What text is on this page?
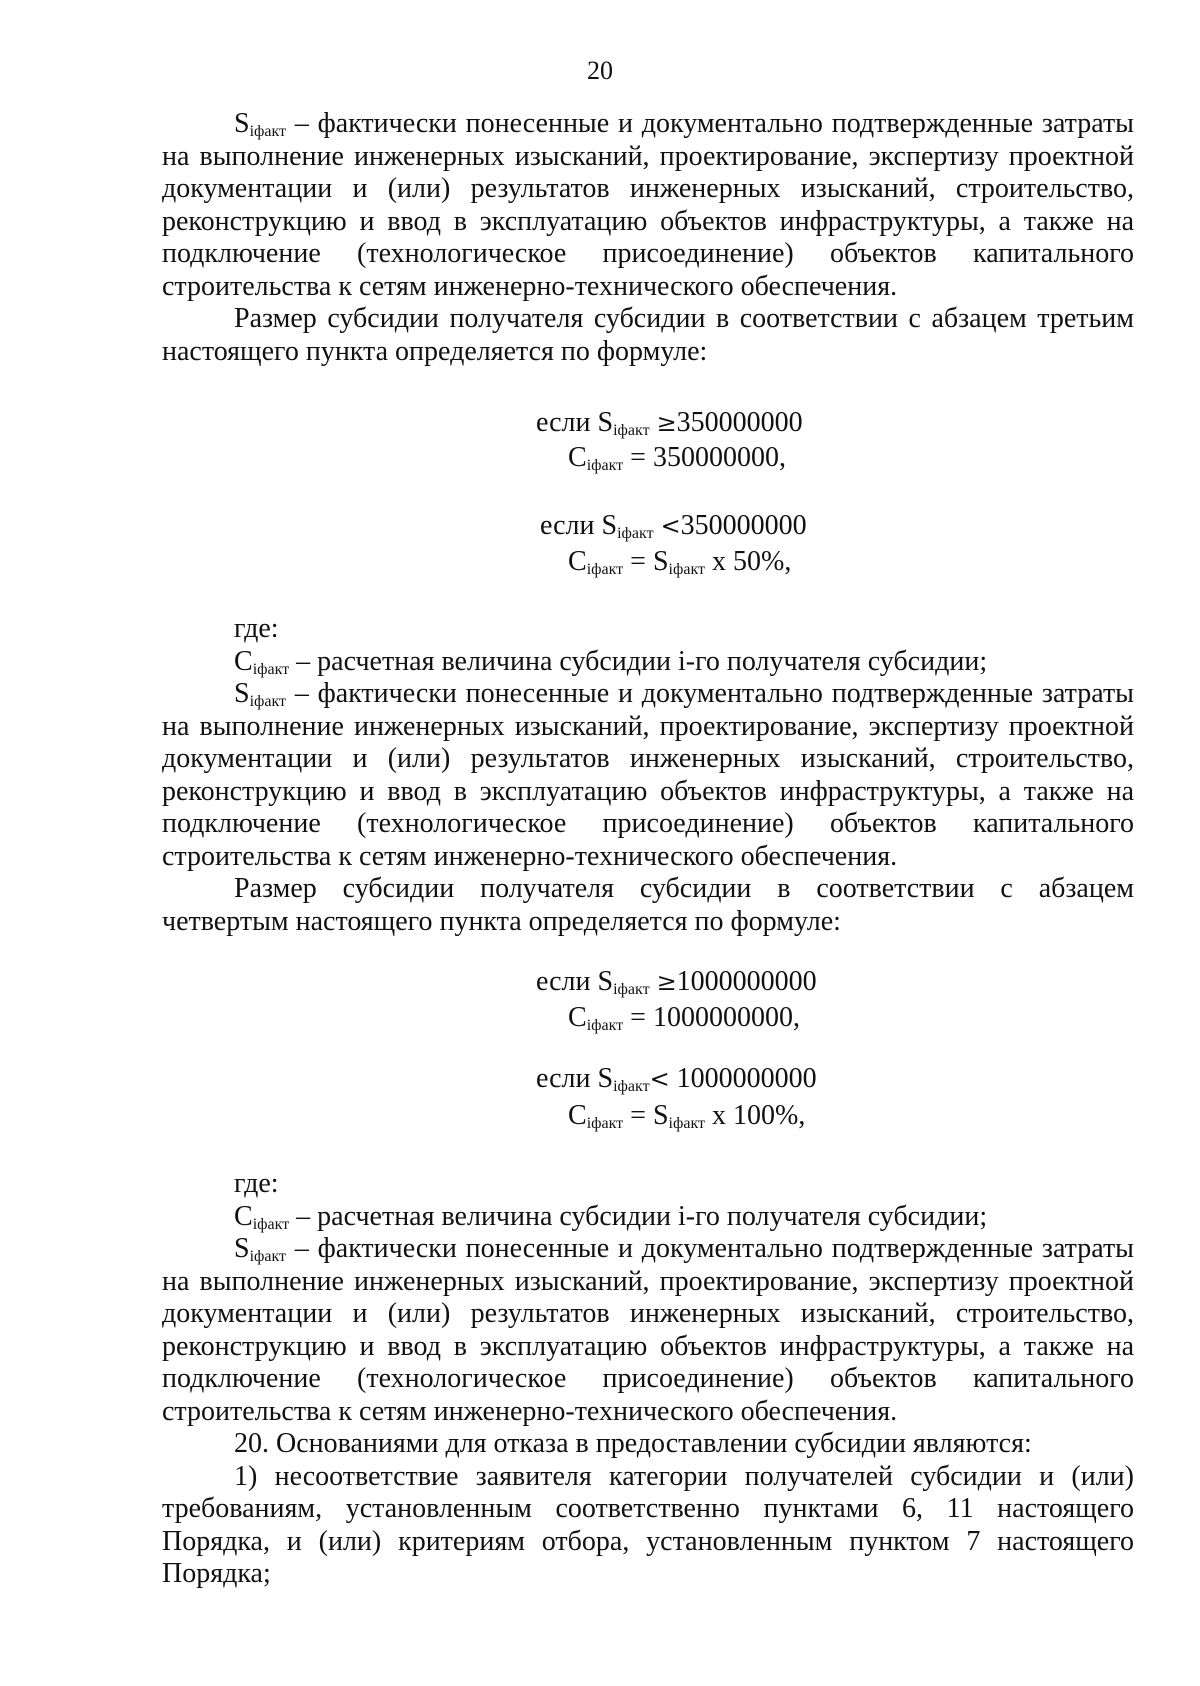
20

$S_{iфакт}$ – фактически понесенные и документально подтвержденные затраты на выполнение инженерных изысканий, проектирование, экспертизу проектной документации и (или) результатов инженерных изысканий, строительство, реконструкцию и ввод в эксплуатацию объектов инфраструктуры, а также на подключение (технологическое присоединение) объектов капитального строительства к сетям инженерно-технического обеспечения.

Размер субсидии получателя субсидии в соответствии с абзацем третьим настоящего пункта определяется по формуле:

если $S_{iфакт} \ge 350000000$
$C_{iфакт} = 350000000$,
если $S_{iфакт} <350000000$
$C_{iфакт} = S_{iфакт}$ х 50%,

где:

$C_{iфакт}$ – расчетная величина субсидии i-го получателя субсидии;

$S_{iфакт}$ – фактически понесенные и документально подтвержденные затраты на выполнение инженерных изысканий, проектирование, экспертизу проектной документации и (или) результатов инженерных изысканий, строительство, реконструкцию и ввод в эксплуатацию объектов инфраструктуры, а также на подключение (технологическое присоединение) объектов капитального строительства к сетям инженерно-технического обеспечения.

Размер субсидии получателя субсидии в соответствии с абзацем четвертым настоящего пункта определяется по формуле:

если $S_{iфакт} \ge 1000000000$
$C_{iфакт} = 1000000000$,
если $S_{iфакт}< 1000000000$
$C_{iфакт} = S_{iфакт}$ х 100%,

где:

$C_{iфакт}$ – расчетная величина субсидии i-го получателя субсидии;

$S_{iфакт}$ – фактически понесенные и документально подтвержденные затраты на выполнение инженерных изысканий, проектирование, экспертизу проектной документации и (или) результатов инженерных изысканий, строительство, реконструкцию и ввод в эксплуатацию объектов инфраструктуры, а также на подключение (технологическое присоединение) объектов капитального строительства к сетям инженерно-технического обеспечения.

20. Основаниями для отказа в предоставлении субсидии являются:

1) несоответствие заявителя категории получателей субсидии и (или) требованиям, установленным соответственно пунктами 6, 11 настоящего Порядка, и (или) критериям отбора, установленным пунктом 7 настоящего Порядка;
